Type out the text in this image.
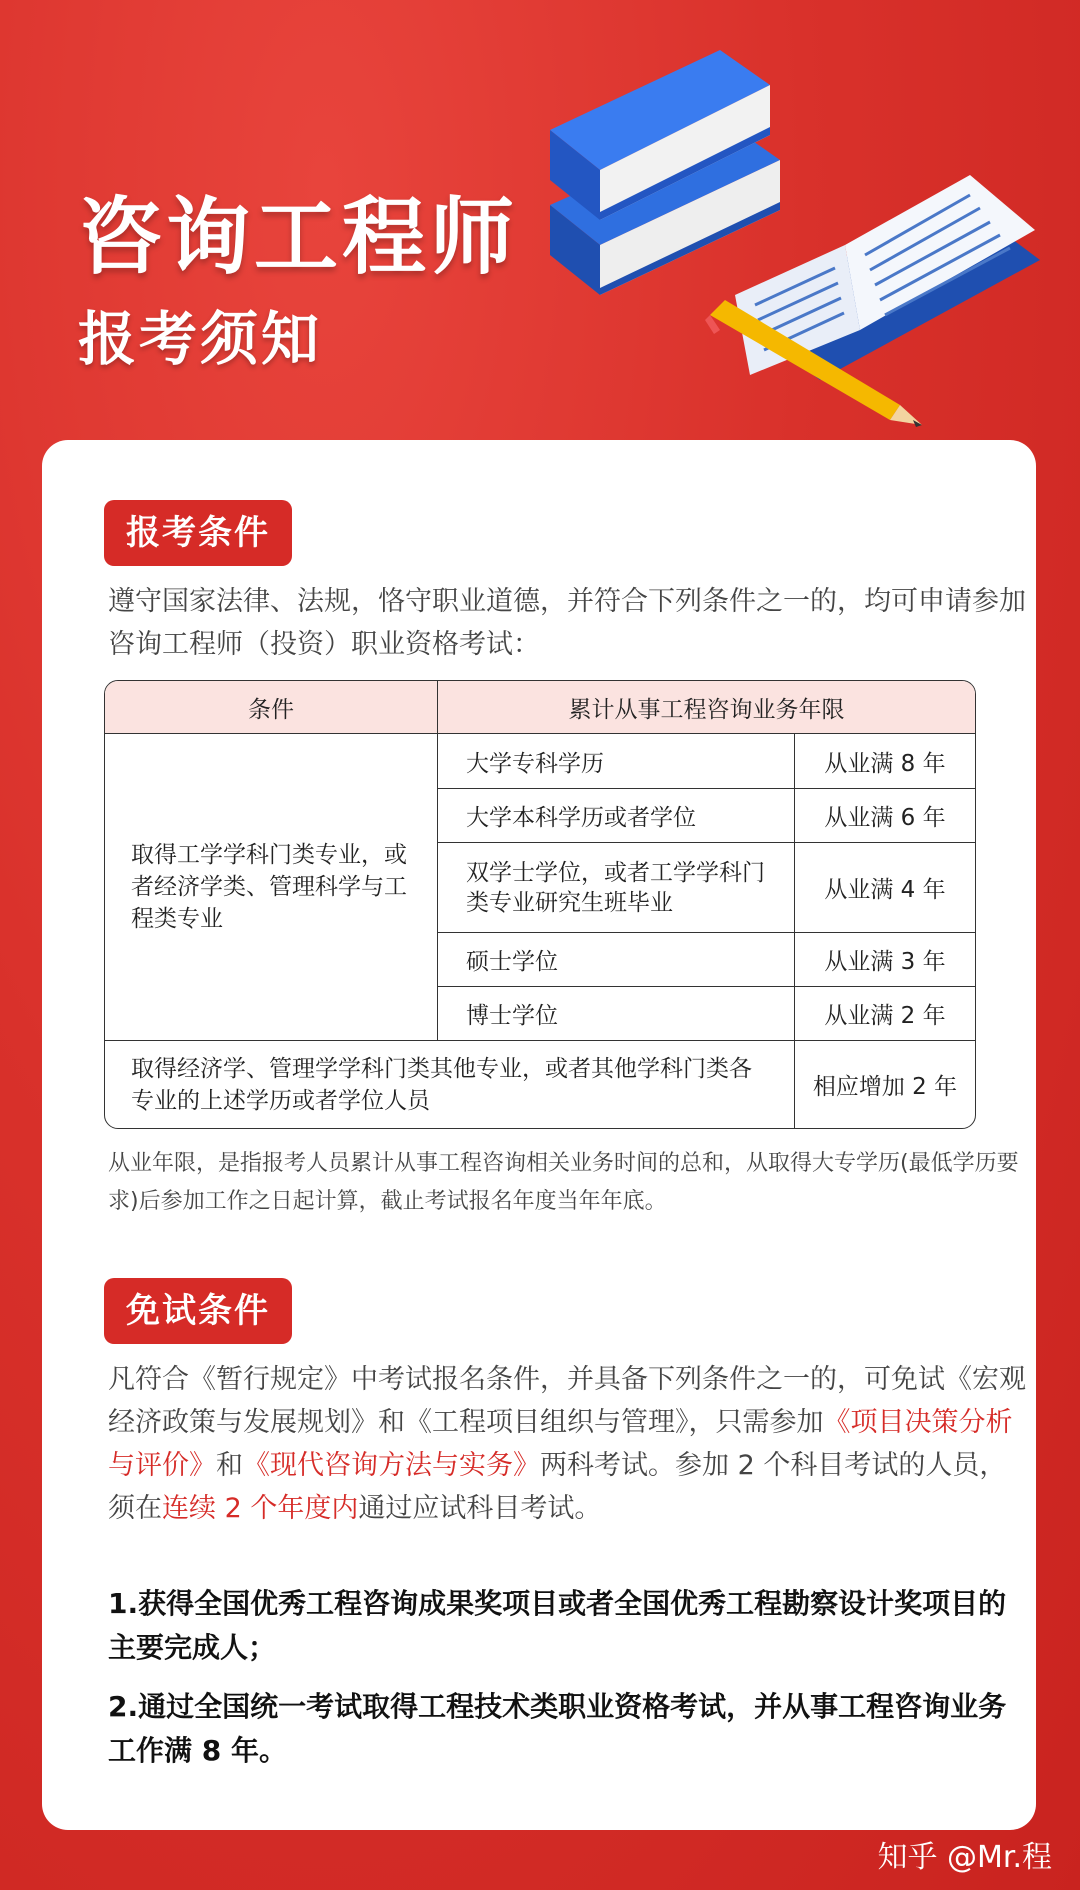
咨询工程师
报考须知
报考条件
遵守国家法律、法规，恪守职业道德，并符合下列条件之一的，均可申请参加咨询工程师（投资）职业资格考试：
条件	累计从事工程咨询业务年限	
取得工学学科门类专业，或者经济学类、管理科学与工程类专业	大学专科学历	从业满 8 年
	大学本科学历或者学位	从业满 6 年
	双学士学位，或者工学学科门类专业研究生班毕业	从业满 4 年
	硕士学位	从业满 3 年
	博士学位	从业满 2 年
取得经济学、管理学学科门类其他专业，或者其他学科门类各专业的上述学历或者学位人员		相应增加 2 年
从业年限，是指报考人员累计从事工程咨询相关业务时间的总和，从取得大专学历(最低学历要求)后参加工作之日起计算，截止考试报名年度当年年底。
免试条件
凡符合《暂行规定》中考试报名条件，并具备下列条件之一的，可免试《宏观经济政策与发展规划》和《工程项目组织与管理》，只需参加《项目决策分析与评价》和《现代咨询方法与实务》两科考试。参加 2 个科目考试的人员，须在连续 2 个年度内通过应试科目考试。
1.获得全国优秀工程咨询成果奖项目或者全国优秀工程勘察设计奖项目的主要完成人；
2.通过全国统一考试取得工程技术类职业资格考试，并从事工程咨询业务工作满 8 年。
知乎 @Mr.程
